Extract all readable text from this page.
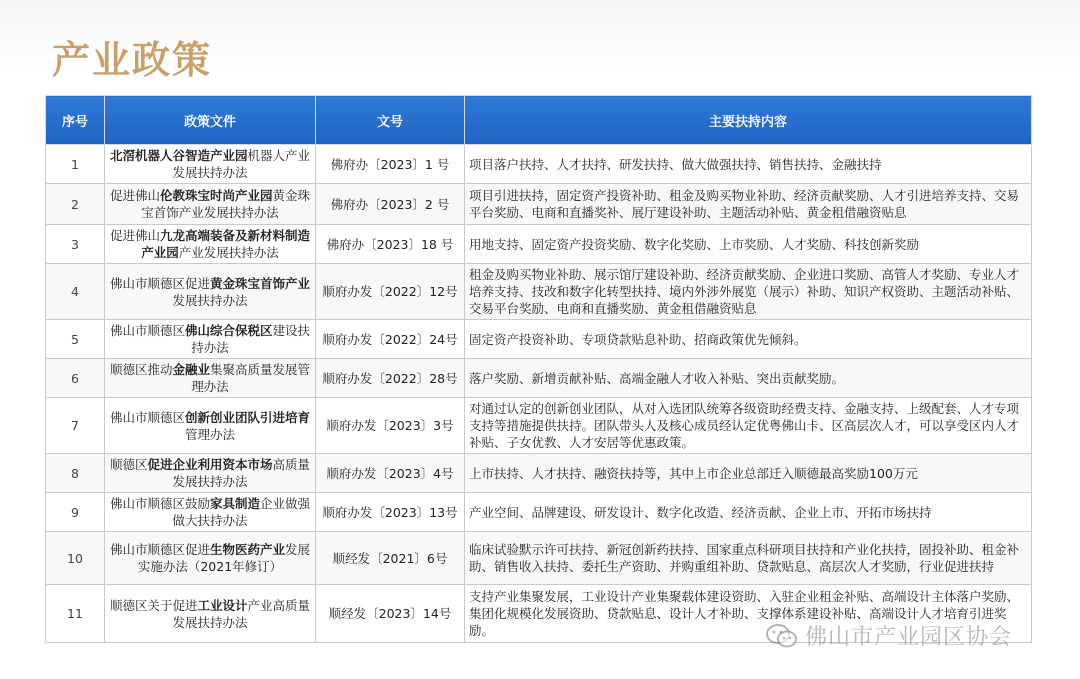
产业政策
序号	政策文件	文号	主要扶持内容
1	北滘机器人谷智造产业园机器人产业发展扶持办法	佛府办〔2023〕1 号	项目落户扶持、人才扶持、研发扶持、做大做强扶持、销售扶持、金融扶持
2	促进佛山伦教珠宝时尚产业园黄金珠宝首饰产业发展扶持办法	佛府办〔2023〕2 号	项目引进扶持，固定资产投资补助、租金及购买物业补助、经济贡献奖励、人才引进培养支持、交易平台奖励、电商和直播奖补、展厅建设补助、主题活动补贴、黄金租借融资贴息
3	促进佛山九龙高端装备及新材料制造产业园产业发展扶持办法	佛府办〔2023〕18 号	用地支持、固定资产投资奖励、数字化奖励、上市奖励、人才奖励、科技创新奖励
4	佛山市顺德区促进黄金珠宝首饰产业发展扶持办法	顺府办发〔2022〕12号	租金及购买物业补助、展示馆厅建设补助、经济贡献奖励、企业进口奖励、高管人才奖励、专业人才培养支持、技改和数字化转型扶持、境内外涉外展览（展示）补助、知识产权资助、主题活动补贴、交易平台奖励、电商和直播奖励、黄金租借融资贴息
5	佛山市顺德区佛山综合保税区建设扶持办法	顺府办发〔2022〕24号	固定资产投资补助、专项贷款贴息补助、招商政策优先倾斜。
6	顺德区推动金融业集聚高质量发展管理办法	顺府办发〔2022〕28号	落户奖励、新增贡献补贴、高端金融人才收入补贴、突出贡献奖励。
7	佛山市顺德区创新创业团队引进培育管理办法	顺府办发〔2023〕3号	对通过认定的创新创业团队，从对入选团队统筹各级资助经费支持、金融支持、上级配套、人才专项支持等措施提供扶持。团队带头人及核心成员经认定优粤佛山卡、区高层次人才，可以享受区内人才补贴、子女优教、人才安居等优惠政策。
8	顺德区促进企业利用资本市场高质量发展扶持办法	顺府办发〔2023〕4号	上市扶持、人才扶持、融资扶持等，其中上市企业总部迁入顺德最高奖励100万元
9	佛山市顺德区鼓励家具制造企业做强做大扶持办法	顺府办发〔2023〕13号	产业空间、品牌建设、研发设计、数字化改造、经济贡献、企业上市、开拓市场扶持
10	佛山市顺德区促进生物医药产业发展实施办法（2021年修订）	顺经发〔2021〕6号	临床试验默示许可扶持、新冠创新药扶持、国家重点科研项目扶持和产业化扶持，固投补助、租金补助、销售收入扶持、委托生产资助、并购重组补助、贷款贴息、高层次人才奖励，行业促进扶持
11	顺德区关于促进工业设计产业高质量发展扶持办法	顺经发〔2023〕14号	支持产业集聚发展，工业设计产业集聚载体建设资助、入驻企业租金补贴、高端设计主体落户奖励、集团化规模化发展资助、贷款贴息、设计人才补助、支撑体系建设补贴、高端设计人才培育引进奖励。	佛山市产业园区协会
